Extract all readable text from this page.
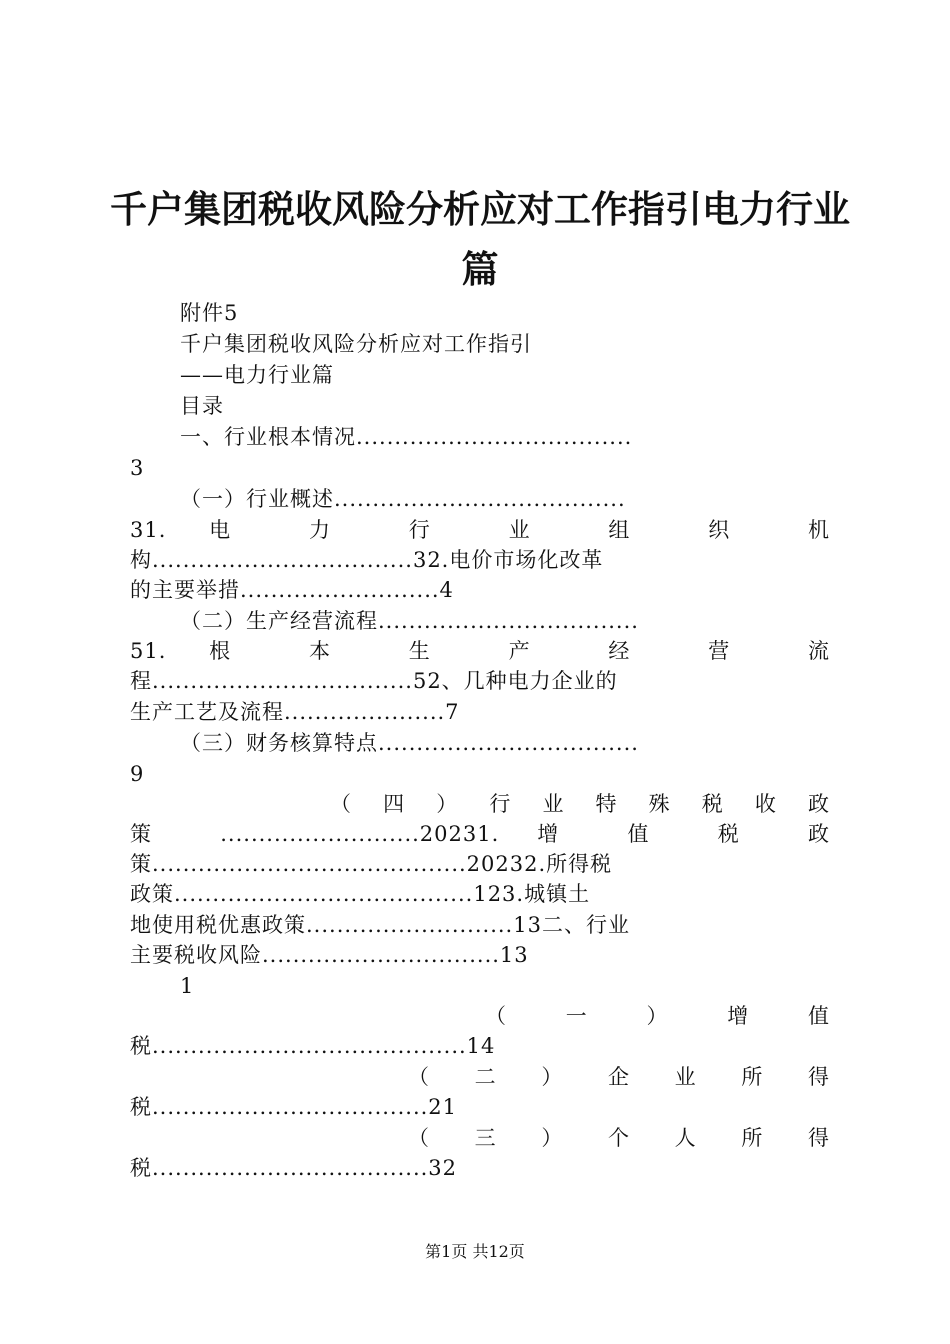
千户集团税收风险分析应对工作指引电力行业
篇
附件5
千户集团税收风险分析应对工作指引
——电力行业篇
目录
一、行业根本情况....................................
3
（一）行业概述......................................
31. 电 力 行 业 组 织 机
构..................................32.电价市场化改革
的主要举措..........................4
（二）生产经营流程..................................
51. 根 本 生 产 经 营 流
程..................................52、几种电力企业的
生产工艺及流程.....................7
（三）财务核算特点..................................
9
（ 四 ） 行 业 特 殊 税 收 政
策 ..........................20231. 增 值 税 政
策.........................................20232.所得税
政策.......................................123.城镇土
地使用税优惠政策...........................13二、行业
主要税收风险...............................13
1
（ 一 ） 增 值
税.........................................14
（ 二 ） 企 业 所 得
税....................................21
（ 三 ） 个 人 所 得
税....................................32
第1页 共12页
